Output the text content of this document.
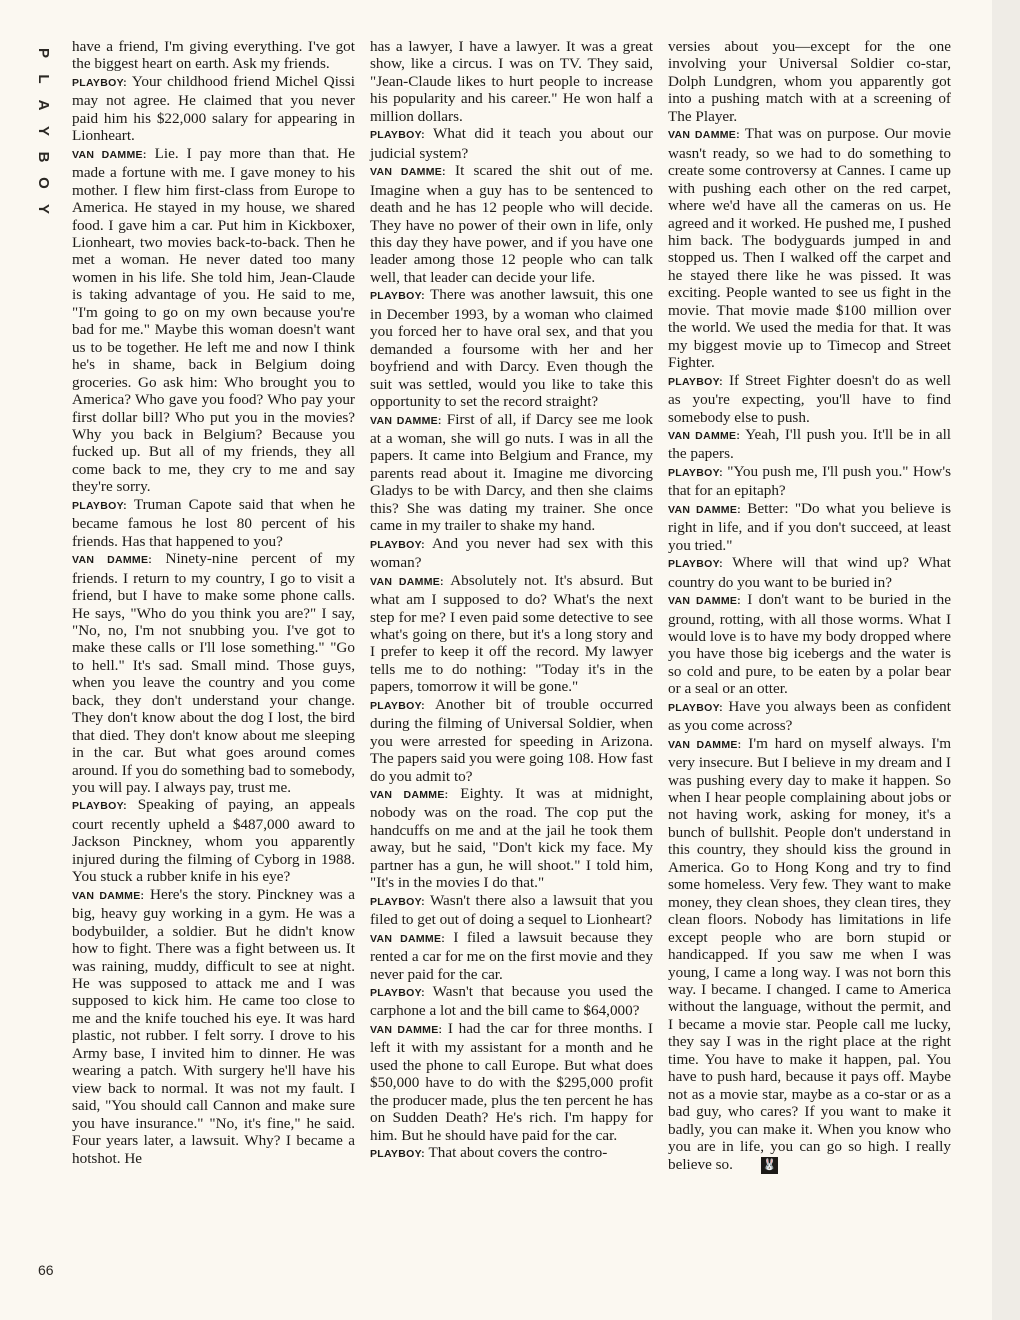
P
L
A
Y
B
O
Y
66

have a friend, I'm giving everything. I've got the biggest heart on earth. Ask my friends.

PLAYBOY: Your childhood friend Michel Qissi may not agree. He claimed that you never paid him his $22,000 salary for appearing in Lionheart.

VAN DAMME: Lie. I pay more than that. He made a fortune with me. I gave money to his mother. I flew him first-class from Europe to America. He stayed in my house, we shared food. I gave him a car. Put him in Kickboxer, Lionheart, two movies back-to-back. Then he met a woman. He never dated too many women in his life. She told him, Jean-Claude is taking advantage of you. He said to me, "I'm going to go on my own because you're bad for me." Maybe this woman doesn't want us to be together. He left me and now I think he's in shame, back in Belgium doing groceries. Go ask him: Who brought you to America? Who gave you food? Who pay your first dollar bill? Who put you in the movies? Why you back in Belgium? Because you fucked up. But all of my friends, they all come back to me, they cry to me and say they're sorry.

PLAYBOY: Truman Capote said that when he became famous he lost 80 percent of his friends. Has that happened to you?

VAN DAMME: Ninety-nine percent of my friends. I return to my country, I go to visit a friend, but I have to make some phone calls. He says, "Who do you think you are?" I say, "No, no, I'm not snubbing you. I've got to make these calls or I'll lose something." "Go to hell." It's sad. Small mind. Those guys, when you leave the country and you come back, they don't understand your change. They don't know about the dog I lost, the bird that died. They don't know about me sleeping in the car. But what goes around comes around. If you do something bad to somebody, you will pay. I always pay, trust me.

PLAYBOY: Speaking of paying, an appeals court recently upheld a $487,000 award to Jackson Pinckney, whom you apparently injured during the filming of Cyborg in 1988. You stuck a rubber knife in his eye?

VAN DAMME: Here's the story. Pinckney was a big, heavy guy working in a gym. He was a bodybuilder, a soldier. But he didn't know how to fight. There was a fight between us. It was raining, muddy, difficult to see at night. He was supposed to attack me and I was supposed to kick him. He came too close to me and the knife touched his eye. It was hard plastic, not rubber. I felt sorry. I drove to his Army base, I invited him to dinner. He was wearing a patch. With surgery he'll have his view back to normal. It was not my fault. I said, "You should call Cannon and make sure you have insurance." "No, it's fine," he said. Four years later, a lawsuit. Why? I became a hotshot. He

has a lawyer, I have a lawyer. It was a great show, like a circus. I was on TV. They said, "Jean-Claude likes to hurt people to increase his popularity and his career." He won half a million dollars.

PLAYBOY: What did it teach you about our judicial system?

VAN DAMME: It scared the shit out of me. Imagine when a guy has to be sentenced to death and he has 12 people who will decide. They have no power of their own in life, only this day they have power, and if you have one leader among those 12 people who can talk well, that leader can decide your life.

PLAYBOY: There was another lawsuit, this one in December 1993, by a woman who claimed you forced her to have oral sex, and that you demanded a foursome with her and her boyfriend and with Darcy. Even though the suit was settled, would you like to take this opportunity to set the record straight?

VAN DAMME: First of all, if Darcy see me look at a woman, she will go nuts. I was in all the papers. It came into Belgium and France, my parents read about it. Imagine me divorcing Gladys to be with Darcy, and then she claims this? She was dating my trainer. She once came in my trailer to shake my hand.

PLAYBOY: And you never had sex with this woman?

VAN DAMME: Absolutely not. It's absurd. But what am I supposed to do? What's the next step for me? I even paid some detective to see what's going on there, but it's a long story and I prefer to keep it off the record. My lawyer tells me to do nothing: "Today it's in the papers, tomorrow it will be gone."

PLAYBOY: Another bit of trouble occurred during the filming of Universal Soldier, when you were arrested for speeding in Arizona. The papers said you were going 108. How fast do you admit to?

VAN DAMME: Eighty. It was at midnight, nobody was on the road. The cop put the handcuffs on me and at the jail he took them away, but he said, "Don't kick my face. My partner has a gun, he will shoot." I told him, "It's in the movies I do that."

PLAYBOY: Wasn't there also a lawsuit that you filed to get out of doing a sequel to Lionheart?

VAN DAMME: I filed a lawsuit because they rented a car for me on the first movie and they never paid for the car.

PLAYBOY: Wasn't that because you used the carphone a lot and the bill came to $64,000?

VAN DAMME: I had the car for three months. I left it with my assistant for a month and he used the phone to call Europe. But what does $50,000 have to do with the $295,000 profit the producer made, plus the ten percent he has on Sudden Death? He's rich. I'm happy for him. But he should have paid for the car.

PLAYBOY: That about covers the contro-

versies about you—except for the one involving your Universal Soldier co-star, Dolph Lundgren, whom you apparently got into a pushing match with at a screening of The Player.

VAN DAMME: That was on purpose. Our movie wasn't ready, so we had to do something to create some controversy at Cannes. I came up with pushing each other on the red carpet, where we'd have all the cameras on us. He agreed and it worked. He pushed me, I pushed him back. The bodyguards jumped in and stopped us. Then I walked off the carpet and he stayed there like he was pissed. It was exciting. People wanted to see us fight in the movie. That movie made $100 million over the world. We used the media for that. It was my biggest movie up to Timecop and Street Fighter.

PLAYBOY: If Street Fighter doesn't do as well as you're expecting, you'll have to find somebody else to push.

VAN DAMME: Yeah, I'll push you. It'll be in all the papers.

PLAYBOY: "You push me, I'll push you." How's that for an epitaph?

VAN DAMME: Better: "Do what you believe is right in life, and if you don't succeed, at least you tried."

PLAYBOY: Where will that wind up? What country do you want to be buried in?

VAN DAMME: I don't want to be buried in the ground, rotting, with all those worms. What I would love is to have my body dropped where you have those big icebergs and the water is so cold and pure, to be eaten by a polar bear or a seal or an otter.

PLAYBOY: Have you always been as confident as you come across?

VAN DAMME: I'm hard on myself always. I'm very insecure. But I believe in my dream and I was pushing every day to make it happen. So when I hear people complaining about jobs or not having work, asking for money, it's a bunch of bullshit. People don't understand in this country, they should kiss the ground in America. Go to Hong Kong and try to find some homeless. Very few. They want to make money, they clean shoes, they clean tires, they clean floors. Nobody has limitations in life except people who are born stupid or handicapped. If you saw me when I was young, I came a long way. I was not born this way. I became. I changed. I came to America without the language, without the permit, and I became a movie star. People call me lucky, they say I was in the right place at the right time. You have to make it happen, pal. You have to push hard, because it pays off. Maybe not as a movie star, maybe as a co-star or as a bad guy, who cares? If you want to make it badly, you can make it. When you know who you are in life, you can go so high. I really believe so.	🐰
